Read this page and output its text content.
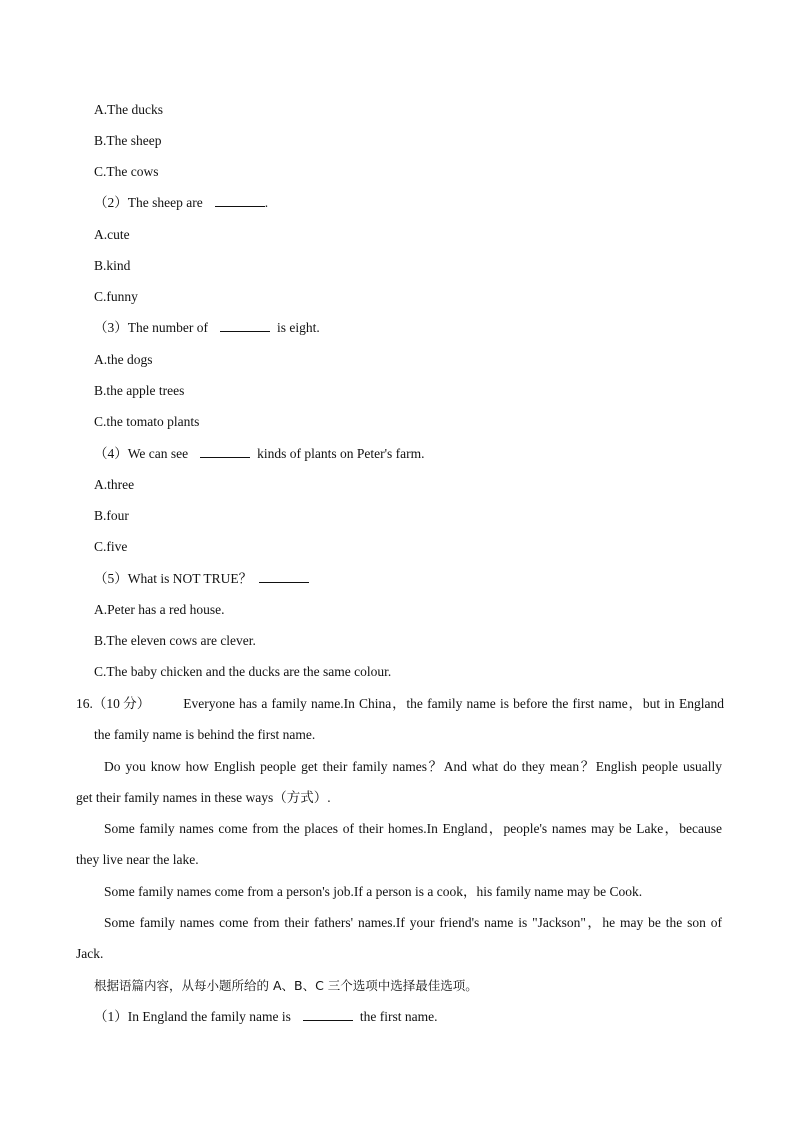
A.The ducks
B.The sheep
C.The cows
（2）The sheep are	.
A.cute
B.kind
C.funny
（3）The number of	is eight.
A.the dogs
B.the apple trees
C.the tomato plants
（4）We can see	kinds of plants on Peter's farm.
A.three
B.four
C.five
（5）What is NOT TRUE？
A.Peter has a red house.
B.The eleven cows are clever.
C.The baby chicken and the ducks are the same colour.
16.（10 分） Everyone has a family name.In China，the family name is before the first name，but in England
the family name is behind the first name.
Do you know how English people get their family names？And what do they mean？English people usually
get their family names in these ways（方式）.
Some family names come from the places of their homes.In England，people's names may be Lake，because
they live near the lake.
Some family names come from a person's job.If a person is a cook，his family name may be Cook.
Some family names come from their fathers' names.If your friend's name is "Jackson"，he may be the son of
Jack.
根据语篇内容，从每小题所给的 A、B、C 三个选项中选择最佳选项。
（1）In England the family name is	the first name.
